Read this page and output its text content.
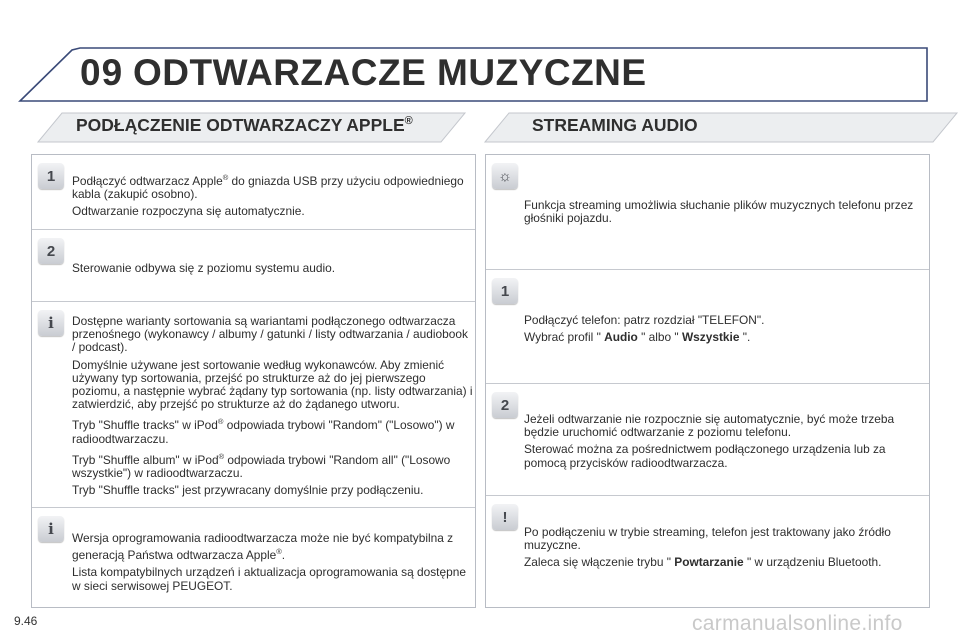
09 ODTWARZACZE MUZYCZNE
PODŁĄCZENIE ODTWARZACZY APPLE®	STREAMING AUDIO
1	Podłączyć odtwarzacz Apple® do gniazda USB przy użyciu odpowiedniego kabla (zakupić osobno).

Odtwarzanie rozpoczyna się automatycznie.

2

Sterowanie odbywa się z poziomu systemu audio.

i	Dostępne warianty sortowania są wariantami podłączonego odtwarzacza przenośnego (wykonawcy / albumy / gatunki / listy odtwarzania / audiobook / podcast).

Domyślnie używane jest sortowanie według wykonawców. Aby zmienić używany typ sortowania, przejść po strukturze aż do jej pierwszego poziomu, a następnie wybrać żądany typ sortowania (np. listy odtwarzania) i zatwierdzić, aby przejść po strukturze aż do żądanego utworu.

Tryb "Shuffle tracks" w iPod® odpowiada trybowi "Random" ("Losowo") w radioodtwarzaczu.

Tryb "Shuffle album" w iPod® odpowiada trybowi "Random all" ("Losowo wszystkie") w radioodtwarzaczu.

Tryb "Shuffle tracks" jest przywracany domyślnie przy podłączeniu.

i	Wersja oprogramowania radioodtwarzacza może nie być kompatybilna z generacją Państwa odtwarzacza Apple®.

Lista kompatybilnych urządzeń i aktualizacja oprogramowania są dostępne w sieci serwisowej PEUGEOT.

☼

Funkcja streaming umożliwia słuchanie plików muzycznych telefonu przez głośniki pojazdu.

1

Podłączyć telefon: patrz rozdział "TELEFON".

Wybrać profil " Audio " albo " Wszystkie ".

2

Jeżeli odtwarzanie nie rozpocznie się automatycznie, być może trzeba będzie uruchomić odtwarzanie z poziomu telefonu.

Sterować można za pośrednictwem podłączonego urządzenia lub za pomocą przycisków radioodtwarzacza.

!

Po podłączeniu w trybie streaming, telefon jest traktowany jako źródło muzyczne.

Zaleca się włączenie trybu " Powtarzanie " w urządzeniu Bluetooth.

9.46	carmanualsonline.info
